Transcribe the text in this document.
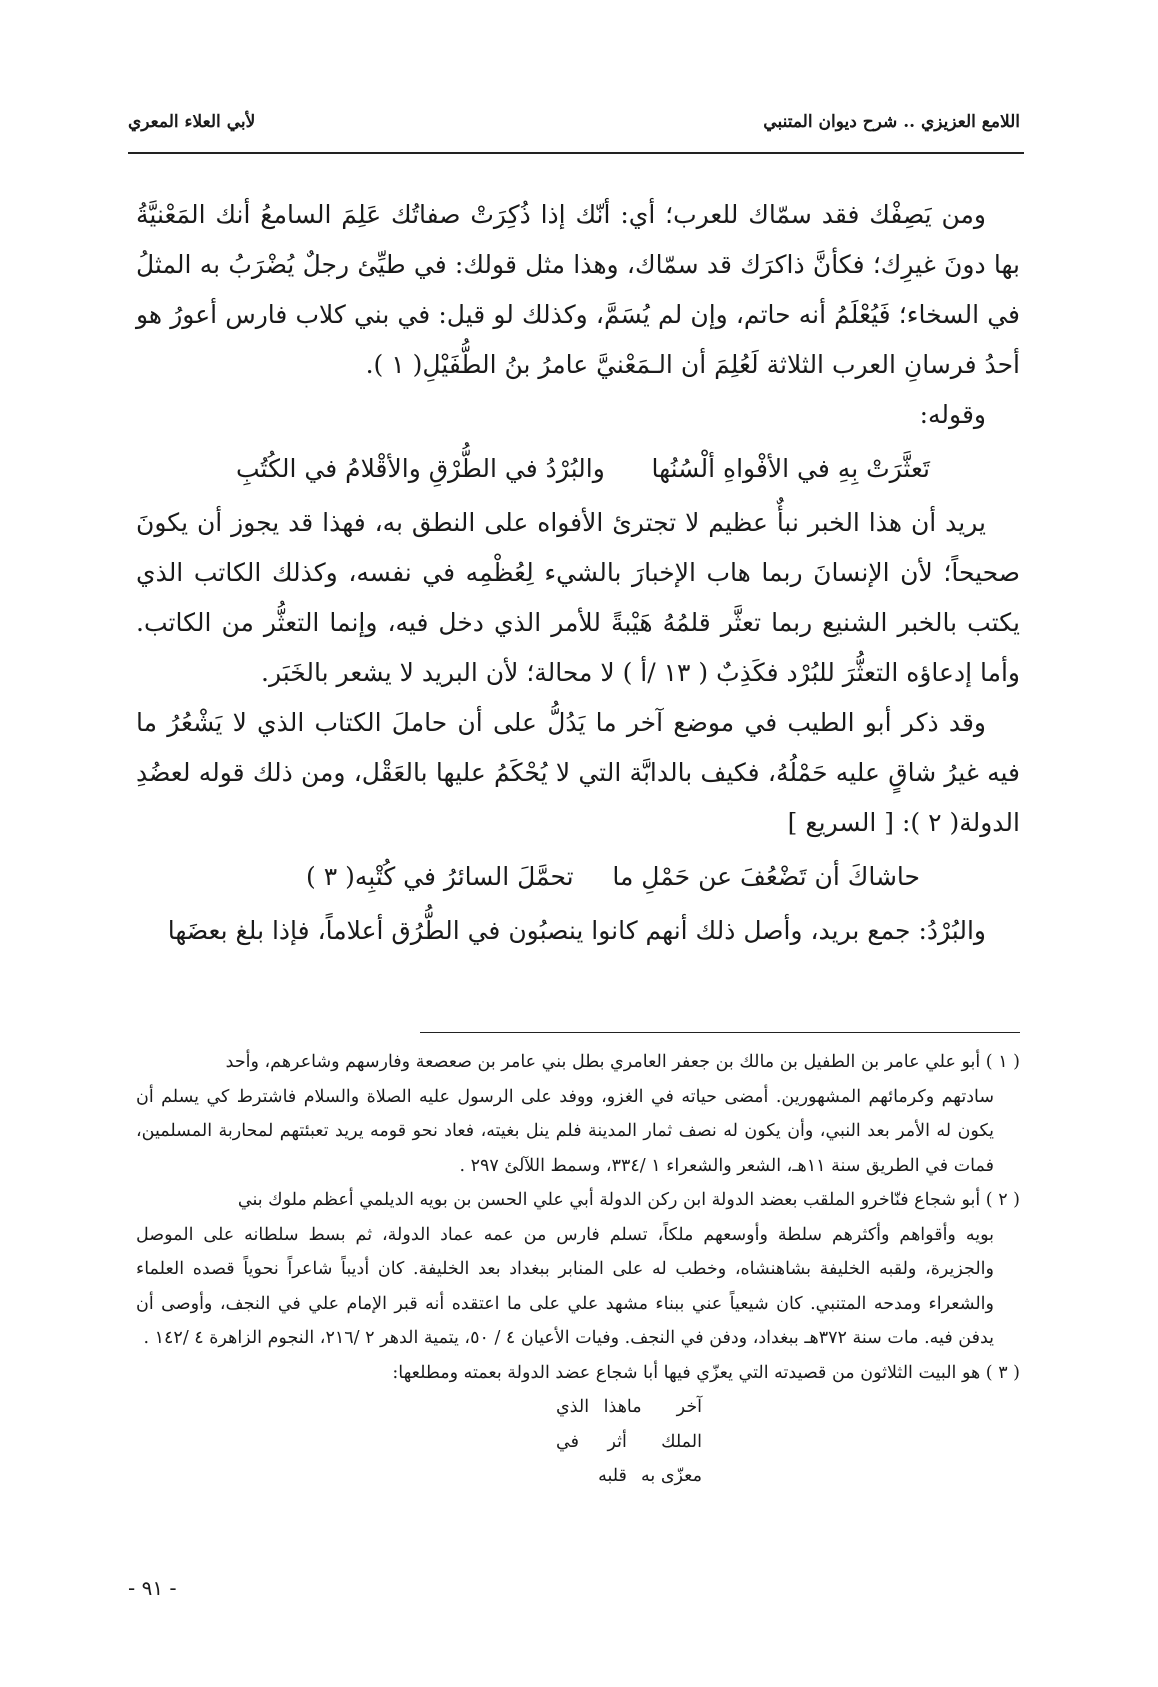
اللامع العزيزي .. شرح ديوان المتنبي
لأبي العلاء المعري

ومن يَصِفْك فقد سمّاك للعرب؛ أي: أنّك إذا ذُكِرَتْ صفاتُك عَلِمَ السامعُ أنك المَعْنيَّةُ بها دونَ غيرِك؛ فكأنَّ ذاكرَك قد سمّاك، وهذا مثل قولك: في طيِّئ رجلٌ يُضْرَبُ به المثلُ في السخاء؛ فَيُعْلَمُ أنه حاتم، وإن لم يُسَمَّ، وكذلك لو قيل: في بني كلاب فارس أعورُ هو أحدُ فرسانِ العرب الثلاثة لَعُلِمَ أن الـمَعْنيَّ عامرُ بنُ الطُّفَيْلِ( ١ ).

وقوله:

تَعثَّرَتْ بِهِ في الأفْواهِ ألْسُنُها
والبُرْدُ في الطُّرْقِ والأقْلامُ في الكُتُبِ

يريد أن هذا الخبر نبأٌ عظيم لا تجترئ الأفواه على النطق به، فهذا قد يجوز أن يكونَ صحيحاً؛ لأن الإنسانَ ربما هاب الإخبارَ بالشيء لِعُظْمِه في نفسه، وكذلك الكاتب الذي يكتب بالخبر الشنيع ربما تعثَّر قلمُهُ هَيْبةً للأمر الذي دخل فيه، وإنما التعثُّر من الكاتب. وأما إدعاؤه التعثُّرَ للبُرْد فكَذِبٌ ( ١٣ /أ ) لا محالة؛ لأن البريد لا يشعر بالخَبَر.

وقد ذكر أبو الطيب في موضع آخر ما يَدُلُّ على أن حاملَ الكتاب الذي لا يَشْعُرُ ما فيه غيرُ شاقٍ عليه حَمْلُهُ، فكيف بالدابَّة التي لا يُحْكَمُ عليها بالعَقْل، ومن ذلك قوله لعضُدِ الدولة( ٢ ): [ السريع ]

حاشاكَ أن تَضْعُفَ عن حَمْلِ ما
تحمَّلَ السائرُ في كُتْبِه( ٣ )

والبُرْدُ: جمع بريد، وأصل ذلك أنهم كانوا ينصبُون في الطُّرُق أعلاماً، فإذا بلغ بعضَها

( ١ ) أبو علي عامر بن الطفيل بن مالك بن جعفر العامري بطل بني عامر بن صعصعة وفارسهم وشاعرهم، وأحد

سادتهم وكرمائهم المشهورين. أمضى حياته في الغزو، ووفد على الرسول عليه الصلاة والسلام فاشترط كي يسلم أن يكون له الأمر بعد النبي، وأن يكون له نصف ثمار المدينة فلم ينل بغيته، فعاد نحو قومه يريد تعبئتهم لمحاربة المسلمين، فمات في الطريق سنة ١١هـ، الشعر والشعراء ١ /٣٣٤، وسمط اللآلئ ٢٩٧ .

( ٢ ) أبو شجاع فنّاخرو الملقب بعضد الدولة ابن ركن الدولة أبي علي الحسن بن بويه الديلمي أعظم ملوك بني

بويه وأقواهم وأكثرهم سلطة وأوسعهم ملكاً، تسلم فارس من عمه عماد الدولة، ثم بسط سلطانه على الموصل والجزيرة، ولقبه الخليفة بشاهنشاه، وخطب له على المنابر ببغداد بعد الخليفة. كان أديباً شاعراً نحوياً قصده العلماء والشعراء ومدحه المتنبي. كان شيعياً عني ببناء مشهد علي على ما اعتقده أنه قبر الإمام علي في النجف، وأوصى أن يدفن فيه. مات سنة ٣٧٢هـ ببغداد، ودفن في النجف. وفيات الأعيان ٤ / ٥٠، يتمية الدهر ٢ /٢١٦، النجوم الزاهرة ٤ /١٤٢ .

( ٣ ) هو البيت الثلاثون من قصيدته التي يعزّي فيها أبا شجاع عضد الدولة بعمته ومطلعها:

آخر ما الملك معزّى به
هذا الذي أثر في قلبه
- ٩١ -
